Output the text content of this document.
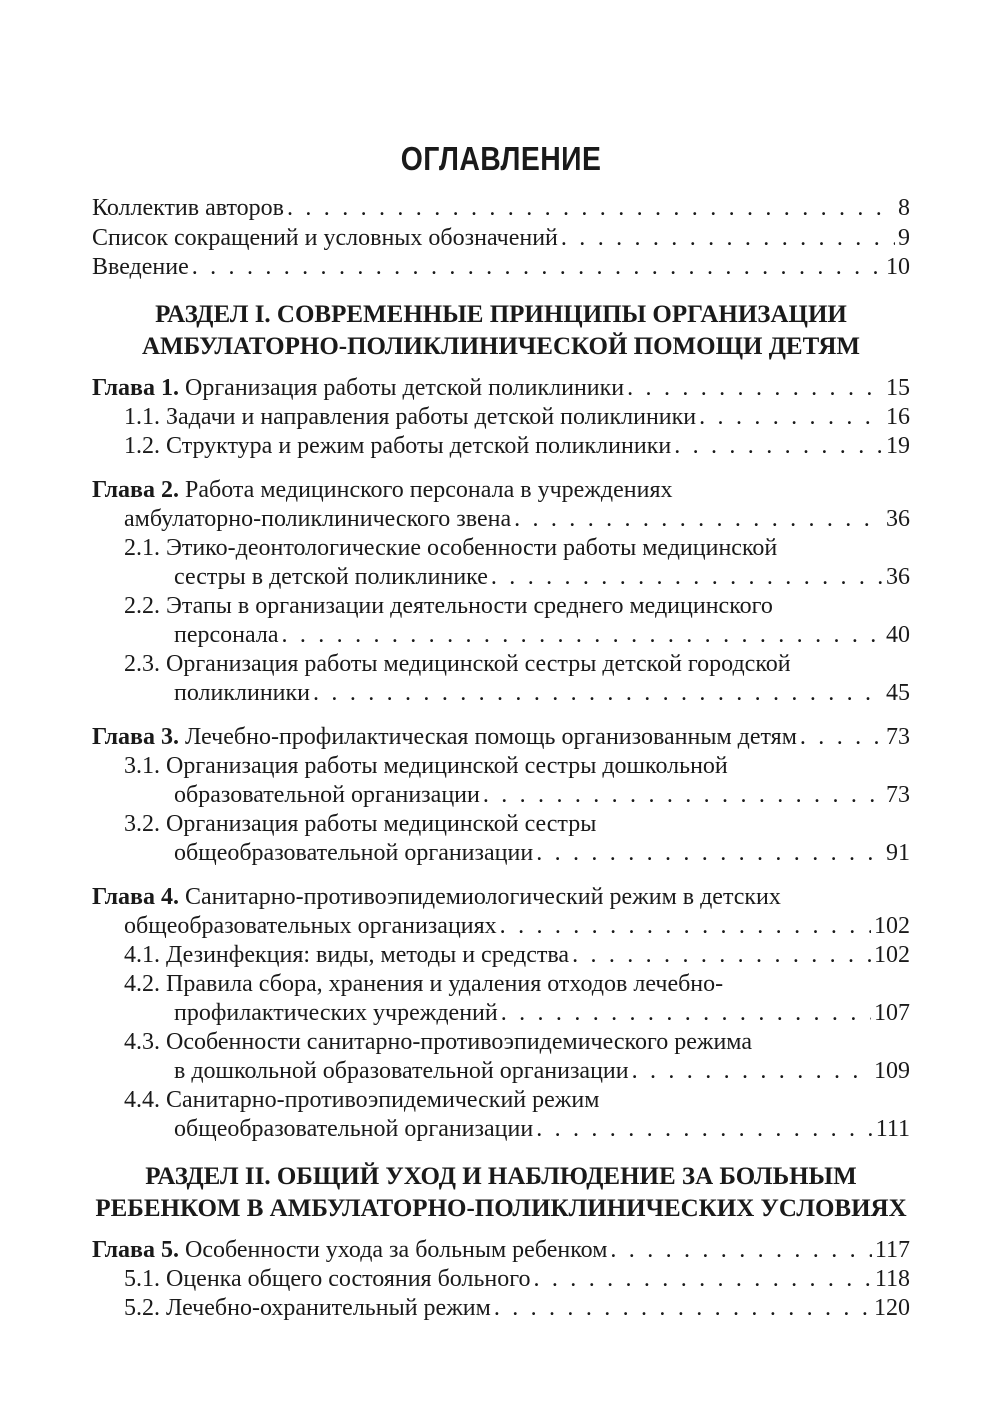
ОГЛАВЛЕНИЕ
Коллектив авторов . . .	8
Список сокращений и условных обозначений . . .	9
Введение . . .	10
РАЗДЕЛ I. СОВРЕМЕННЫЕ ПРИНЦИПЫ ОРГАНИЗАЦИИ
АМБУЛАТОРНО-ПОЛИКЛИНИЧЕСКОЙ ПОМОЩИ ДЕТЯМ
Глава 1.
Организация работы детской поликлиники . . .	15
1.1. Задачи и направления работы детской поликлиники . . .	16
1.2. Структура и режим работы детской поликлиники . . .	19
Глава 2. Работа медицинского персонала в учреждениях
амбулаторно-поликлинического звена . . .	36
2.1. Этико-деонтологические особенности работы медицинской
сестры в детской поликлинике . . .	36
2.2. Этапы в организации деятельности среднего медицинского
персонала . . .	40
2.3. Организация работы медицинской сестры детской городской
поликлиники . . .	45
Глава 3.
Лечебно-профилактическая помощь организованным детям . . .	73
3.1. Организация работы медицинской сестры дошкольной
образовательной организации . . .	73
3.2. Организация работы медицинской сестры
общеобразовательной организации . . .	91
Глава 4. Санитарно-противоэпидемиологический режим в детских
общеобразовательных организациях . . .	102
4.1. Дезинфекция: виды, методы и средства . . .	102
4.2. Правила сбора, хранения и удаления отходов лечебно-
профилактических учреждений . . .	107
4.3. Особенности санитарно-противоэпидемического режима
в дошкольной образовательной организации . . .	109
4.4. Санитарно-противоэпидемический режим
общеобразовательной организации . . .	111
РАЗДЕЛ II. ОБЩИЙ УХОД И НАБЛЮДЕНИЕ ЗА БОЛЬНЫМ
РЕБЕНКОМ В АМБУЛАТОРНО-ПОЛИКЛИНИЧЕСКИХ УСЛОВИЯХ
Глава 5.
Особенности ухода за больным ребенком . . .	117
5.1. Оценка общего состояния больного . . .	118
5.2. Лечебно-охранительный режим . . .	120
